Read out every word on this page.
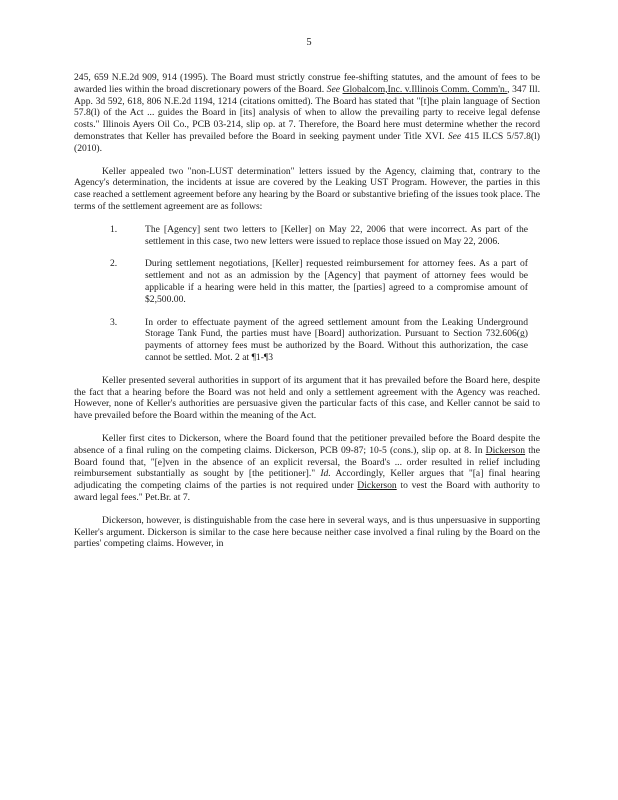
5

245, 659 N.E.2d 909, 914 (1995). The Board must strictly construe fee-shifting statutes, and the amount of fees to be awarded lies within the broad discretionary powers of the Board. See Globalcom,Inc. v.Illinois Comm. Comm'n., 347 Ill. App. 3d 592, 618, 806 N.E.2d 1194, 1214 (citations omitted). The Board has stated that "[t]he plain language of Section 57.8(l) of the Act ... guides the Board in [its] analysis of when to allow the prevailing party to receive legal defense costs." Illinois Ayers Oil Co., PCB 03-214, slip op. at 7. Therefore, the Board here must determine whether the record demonstrates that Keller has prevailed before the Board in seeking payment under Title XVI. See 415 ILCS 5/57.8(l) (2010).

Keller appealed two "non-LUST determination" letters issued by the Agency, claiming that, contrary to the Agency's determination, the incidents at issue are covered by the Leaking UST Program. However, the parties in this case reached a settlement agreement before any hearing by the Board or substantive briefing of the issues took place. The terms of the settlement agreement are as follows:

1.	The [Agency] sent two letters to [Keller] on May 22, 2006 that were incorrect. As part of the settlement in this case, two new letters were issued to replace those issued on May 22, 2006.
2.	During settlement negotiations, [Keller] requested reimbursement for attorney fees. As a part of settlement and not as an admission by the [Agency] that payment of attorney fees would be applicable if a hearing were held in this matter, the [parties] agreed to a compromise amount of $2,500.00.
3.	In order to effectuate payment of the agreed settlement amount from the Leaking Underground Storage Tank Fund, the parties must have [Board] authorization. Pursuant to Section 732.606(g) payments of attorney fees must be authorized by the Board. Without this authorization, the case cannot be settled. Mot. 2 at ¶1-¶3

Keller presented several authorities in support of its argument that it has prevailed before the Board here, despite the fact that a hearing before the Board was not held and only a settlement agreement with the Agency was reached. However, none of Keller's authorities are persuasive given the particular facts of this case, and Keller cannot be said to have prevailed before the Board within the meaning of the Act.

Keller first cites to Dickerson, where the Board found that the petitioner prevailed before the Board despite the absence of a final ruling on the competing claims. Dickerson, PCB 09-87; 10-5 (cons.), slip op. at 8. In Dickerson the Board found that, "[e]ven in the absence of an explicit reversal, the Board's ... order resulted in relief including reimbursement substantially as sought by [the petitioner]." Id. Accordingly, Keller argues that "[a] final hearing adjudicating the competing claims of the parties is not required under Dickerson to vest the Board with authority to award legal fees." Pet.Br. at 7.

Dickerson, however, is distinguishable from the case here in several ways, and is thus unpersuasive in supporting Keller's argument. Dickerson is similar to the case here because neither case involved a final ruling by the Board on the parties' competing claims. However, in
